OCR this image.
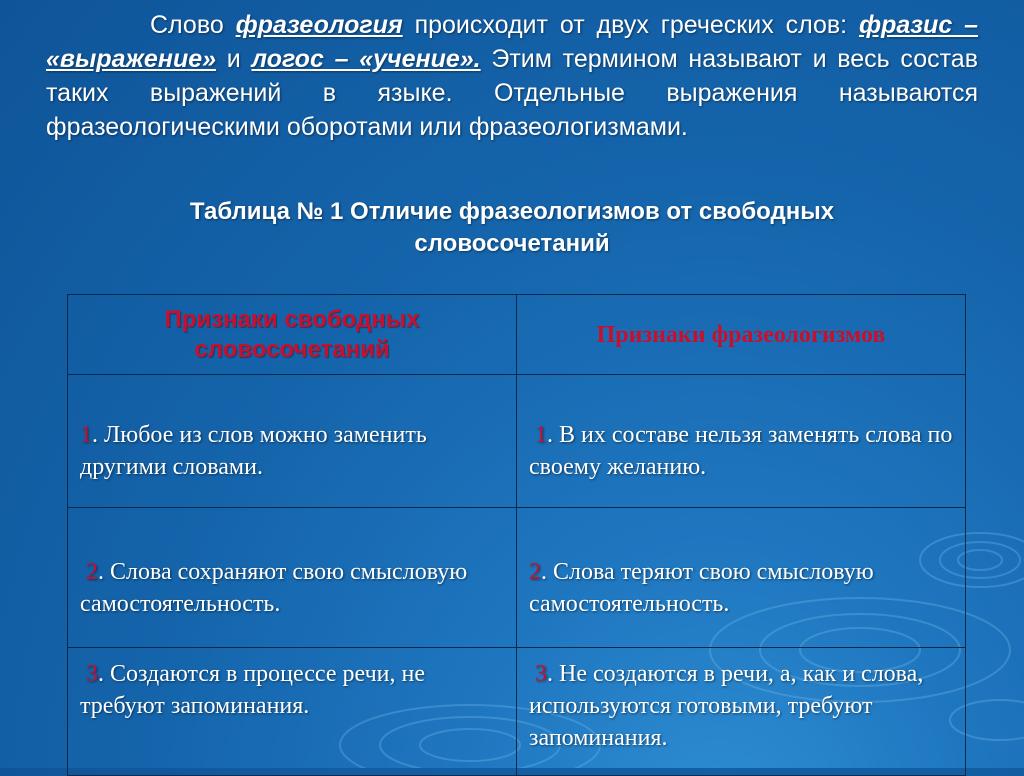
Слово фразеология происходит от двух греческих слов: фразис – «выражение» и логос – «учение». Этим термином называют и весь состав таких выражений в языке. Отдельные выражения называются фразеологическими оборотами или фразеологизмами.
Таблица № 1 Отличие фразеологизмов от свободных словосочетаний
Признаки свободных словосочетаний	Признаки фразеологизмов
1. Любое из слов можно заменить другими словами.	1. В их составе нельзя заменять слова по своему желанию.
2. Слова сохраняют свою смысловую самостоятельность.	2. Слова теряют свою смысловую самостоятельность.
3. Создаются в процессе речи, не требуют запоминания.	3. Не создаются в речи, а, как и слова, используются готовыми, требуют запоминания.
